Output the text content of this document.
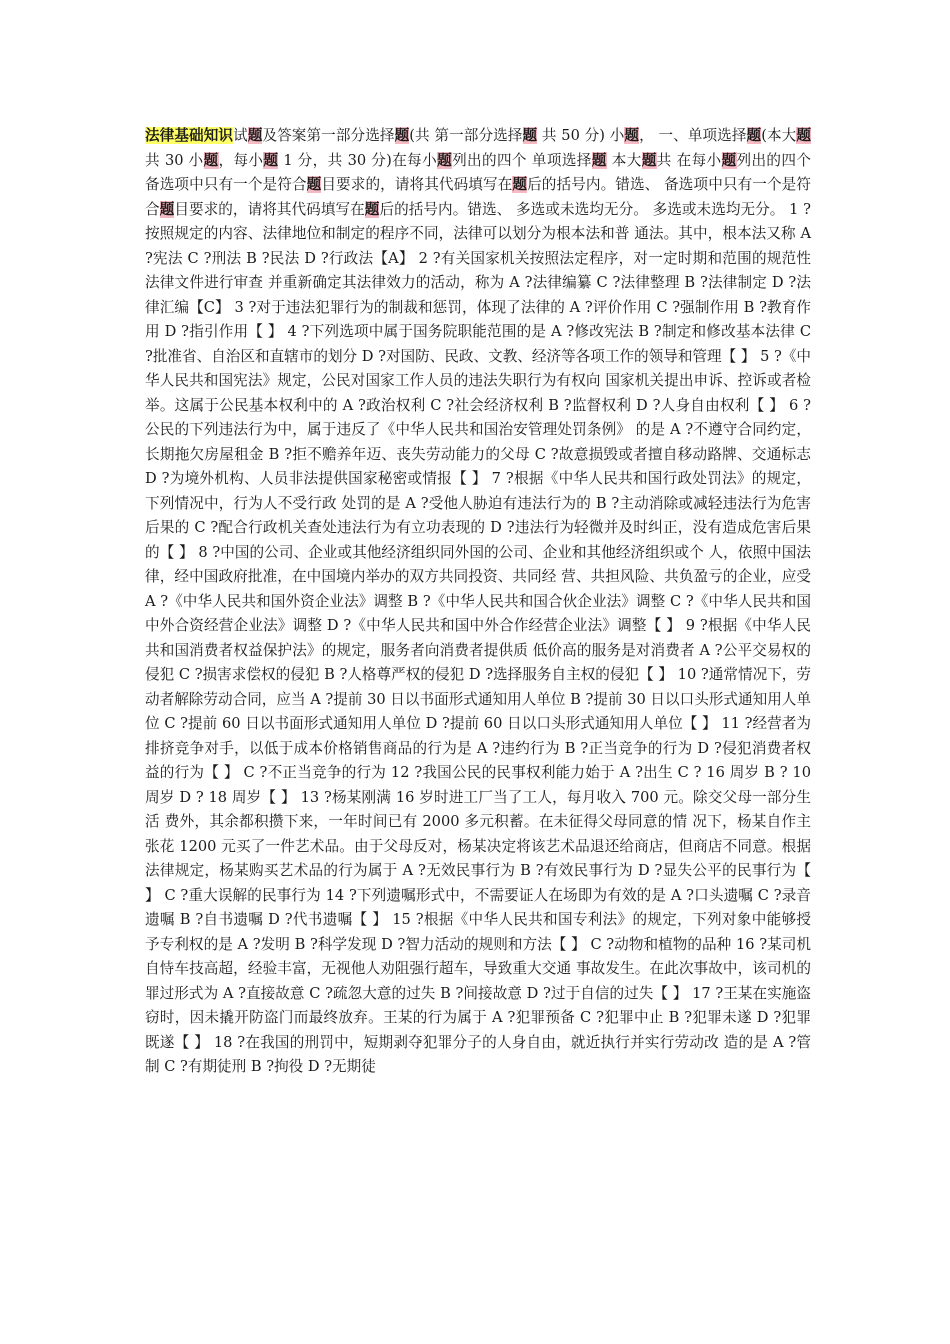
法律基础知识试题及答案第一部分选择题(共 第一部分选择题 共 50 分) 小题， 一、单项选择题(本大题共 30 小题，每小题 1 分，共 30 分)在每小题列出的四个 单项选择题 本大题共 在每小题列出的四个 备选项中只有一个是符合题目要求的，请将其代码填写在题后的括号内。错选、 备选项中只有一个是符合题目要求的，请将其代码填写在题后的括号内。错选、 多选或未选均无分。 多选或未选均无分。 1 ?按照规定的内容、法律地位和制定的程序不同，法律可以划分为根本法和普 通法。其中，根本法又称 A ?宪法 C ?刑法 B ?民法 D ?行政法【A】 2 ?有关国家机关按照法定程序，对一定时期和范围的规范性法律文件进行审查 并重新确定其法律效力的活动，称为 A ?法律编纂 C ?法律整理 B ?法律制定 D ?法律汇编【C】 3 ?对于违法犯罪行为的制裁和惩罚，体现了法律的 A ?评价作用 C ?强制作用 B ?教育作用 D ?指引作用【 】 4 ?下列选项中属于国务院职能范围的是 A ?修改宪法 B ?制定和修改基本法律 C ?批准省、自治区和直辖市的划分 D ?对国防、民政、文教、经济等各项工作的领导和管理【 】 5 ?《中华人民共和国宪法》规定，公民对国家工作人员的违法失职行为有权向 国家机关提出申诉、控诉或者检举。这属于公民基本权利中的 A ?政治权利 C ?社会经济权利 B ?监督权利 D ?人身自由权利【 】 6 ?公民的下列违法行为中，属于违反了《中华人民共和国治安管理处罚条例》 的是 A ?不遵守合同约定，长期拖欠房屋租金 B ?拒不赡养年迈、丧失劳动能力的父母 C ?故意损毁或者擅自移动路牌、交通标志 D ?为境外机构、人员非法提供国家秘密或情报【 】 7 ?根据《中华人民共和国行政处罚法》的规定，下列情况中，行为人不受行政 处罚的是 A ?受他人胁迫有违法行为的 B ?主动消除或减轻违法行为危害后果的 C ?配合行政机关查处违法行为有立功表现的 D ?违法行为轻微并及时纠正，没有造成危害后果的【 】 8 ?中国的公司、企业或其他经济组织同外国的公司、企业和其他经济组织或个 人，依照中国法律，经中国政府批准，在中国境内举办的双方共同投资、共同经 营、共担风险、共负盈亏的企业，应受 A ?《中华人民共和国外资企业法》调整 B ?《中华人民共和国合伙企业法》调整 C ?《中华人民共和国中外合资经营企业法》调整 D ?《中华人民共和国中外合作经营企业法》调整【 】 9 ?根据《中华人民共和国消费者权益保护法》的规定，服务者向消费者提供质 低价高的服务是对消费者 A ?公平交易权的侵犯 C ?损害求偿权的侵犯 B ?人格尊严权的侵犯 D ?选择服务自主权的侵犯【 】 10 ?通常情况下，劳动者解除劳动合同，应当 A ?提前 30 日以书面形式通知用人单位 B ?提前 30 日以口头形式通知用人单位 C ?提前 60 日以书面形式通知用人单位 D ?提前 60 日以口头形式通知用人单位【 】 11 ?经营者为排挤竞争对手，以低于成本价格销售商品的行为是 A ?违约行为 B ?正当竞争的行为 D ?侵犯消费者权益的行为【 】 C ?不正当竞争的行为 12 ?我国公民的民事权利能力始于 A ?出生 C ? 16 周岁 B ? 10 周岁 D ? 18 周岁【 】 13 ?杨某刚满 16 岁时进工厂当了工人，每月收入 700 元。除交父母一部分生活 费外，其余都积攒下来，一年时间已有 2000 多元积蓄。在未征得父母同意的情 况下，杨某自作主张花 1200 元买了一件艺术品。由于父母反对，杨某决定将该艺术品退还给商店，但商店不同意。根据法律规定，杨某购买艺术品的行为属于 A ?无效民事行为 B ?有效民事行为 D ?显失公平的民事行为【 】 C ?重大误解的民事行为 14 ?下列遗嘱形式中，不需要证人在场即为有效的是 A ?口头遗嘱 C ?录音遗嘱 B ?自书遗嘱 D ?代书遗嘱【 】 15 ?根据《中华人民共和国专利法》的规定，下列对象中能够授予专利权的是 A ?发明 B ?科学发现 D ?智力活动的规则和方法【 】 C ?动物和植物的品种 16 ?某司机自恃车技高超，经验丰富，无视他人劝阻强行超车，导致重大交通 事故发生。在此次事故中，该司机的罪过形式为 A ?直接故意 C ?疏忽大意的过失 B ?间接故意 D ?过于自信的过失【 】 17 ?王某在实施盗窃时，因未撬开防盗门而最终放弃。王某的行为属于 A ?犯罪预备 C ?犯罪中止 B ?犯罪未遂 D ?犯罪既遂【 】 18 ?在我国的刑罚中，短期剥夺犯罪分子的人身自由，就近执行并实行劳动改 造的是 A ?管制 C ?有期徒刑 B ?拘役 D ?无期徒
